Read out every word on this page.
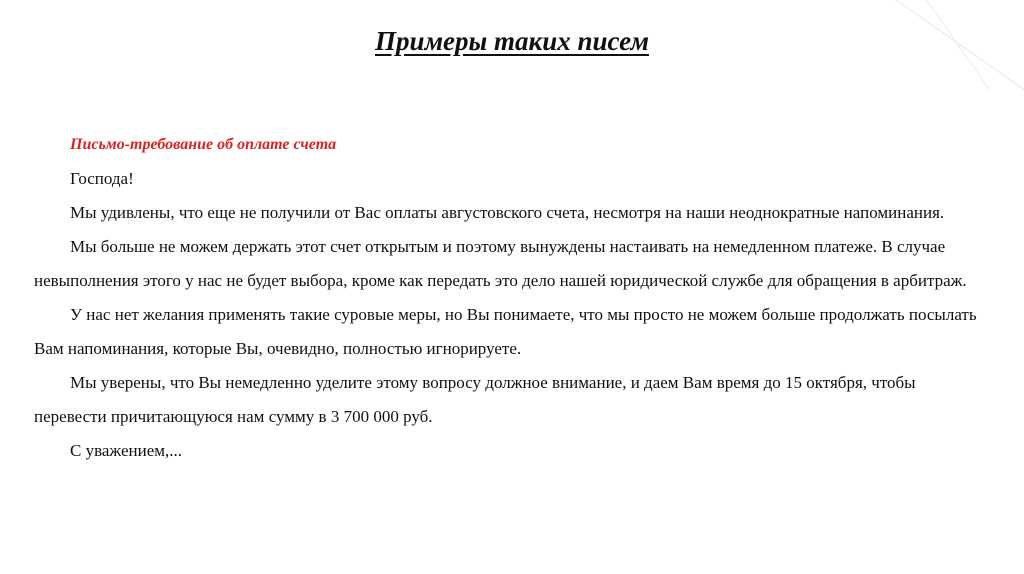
Примеры таких писем

Письмо-требование об оплате счета

Господа!

Мы удивлены, что еще не получили от Вас оплаты августовского счета, несмотря на наши неоднократные напоминания.

Мы больше не можем держать этот счет открытым и поэтому вынуждены настаивать на немедленном платеже. В случае невыполнения этого у нас не будет выбора, кроме как передать это дело нашей юридической службе для обращения в арбитраж.

У нас нет желания применять такие суровые меры, но Вы понимаете, что мы просто не можем больше продолжать посылать Вам напоминания, которые Вы, очевидно, полностью игнорируете.

Мы уверены, что Вы немедленно уделите этому вопросу должное внимание, и даем Вам время до 15 октября, чтобы перевести причитающуюся нам сумму в 3 700 000 руб.

С уважением,...
